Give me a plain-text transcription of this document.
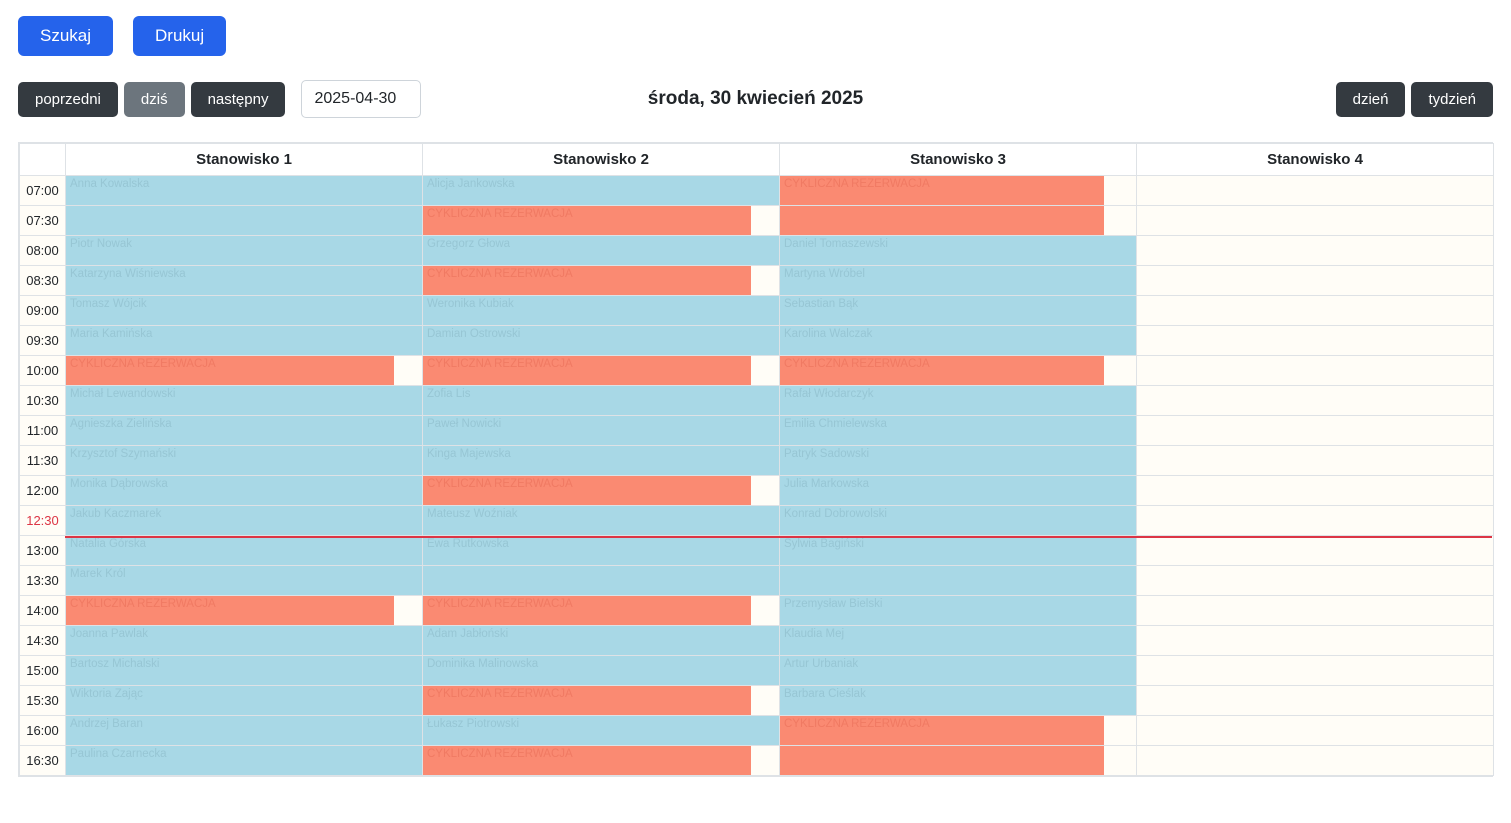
Szukaj	Drukuj
poprzedni	dziś	następny
2025-04-30	środa, 30 kwiecień 2025	dzień	tydzień
	Stanowisko 1	Stanowisko 2	Stanowisko 3	Stanowisko 4
07:00	Anna Kowalska	Alicja Jankowska	CYKLICZNA REZERWACJA	

07:30		CYKLICZNA REZERWACJA		

08:00	Piotr Nowak	Grzegorz Głowa	Daniel Tomaszewski	

08:30	Katarzyna Wiśniewska	CYKLICZNA REZERWACJA	Martyna Wróbel	

09:00	Tomasz Wójcik	Weronika Kubiak	Sebastian Bąk	

09:30	Maria Kamińska	Damian Ostrowski	Karolina Walczak	

10:00	CYKLICZNA REZERWACJA	CYKLICZNA REZERWACJA	CYKLICZNA REZERWACJA	

10:30	Michał Lewandowski	Zofia Lis	Rafał Włodarczyk	

11:00	Agnieszka Zielińska	Paweł Nowicki	Emilia Chmielewska	

11:30	Krzysztof Szymański	Kinga Majewska	Patryk Sadowski	

12:00	Monika Dąbrowska	CYKLICZNA REZERWACJA	Julia Markowska	

12:30	Jakub Kaczmarek	Mateusz Woźniak	Konrad Dobrowolski	

13:00	Natalia Górska	Ewa Rutkowska	Sylwia Bagiński	

13:30	Marek Król			

14:00	CYKLICZNA REZERWACJA	CYKLICZNA REZERWACJA	Przemysław Bielski	

14:30	Joanna Pawlak	Adam Jabłoński	Klaudia Mej	

15:00	Bartosz Michalski	Dominika Malinowska	Artur Urbaniak	

15:30	Wiktoria Zając	CYKLICZNA REZERWACJA	Barbara Cieślak	

16:00	Andrzej Baran	Łukasz Piotrowski	CYKLICZNA REZERWACJA	

16:30	Paulina Czarnecka	CYKLICZNA REZERWACJA		
